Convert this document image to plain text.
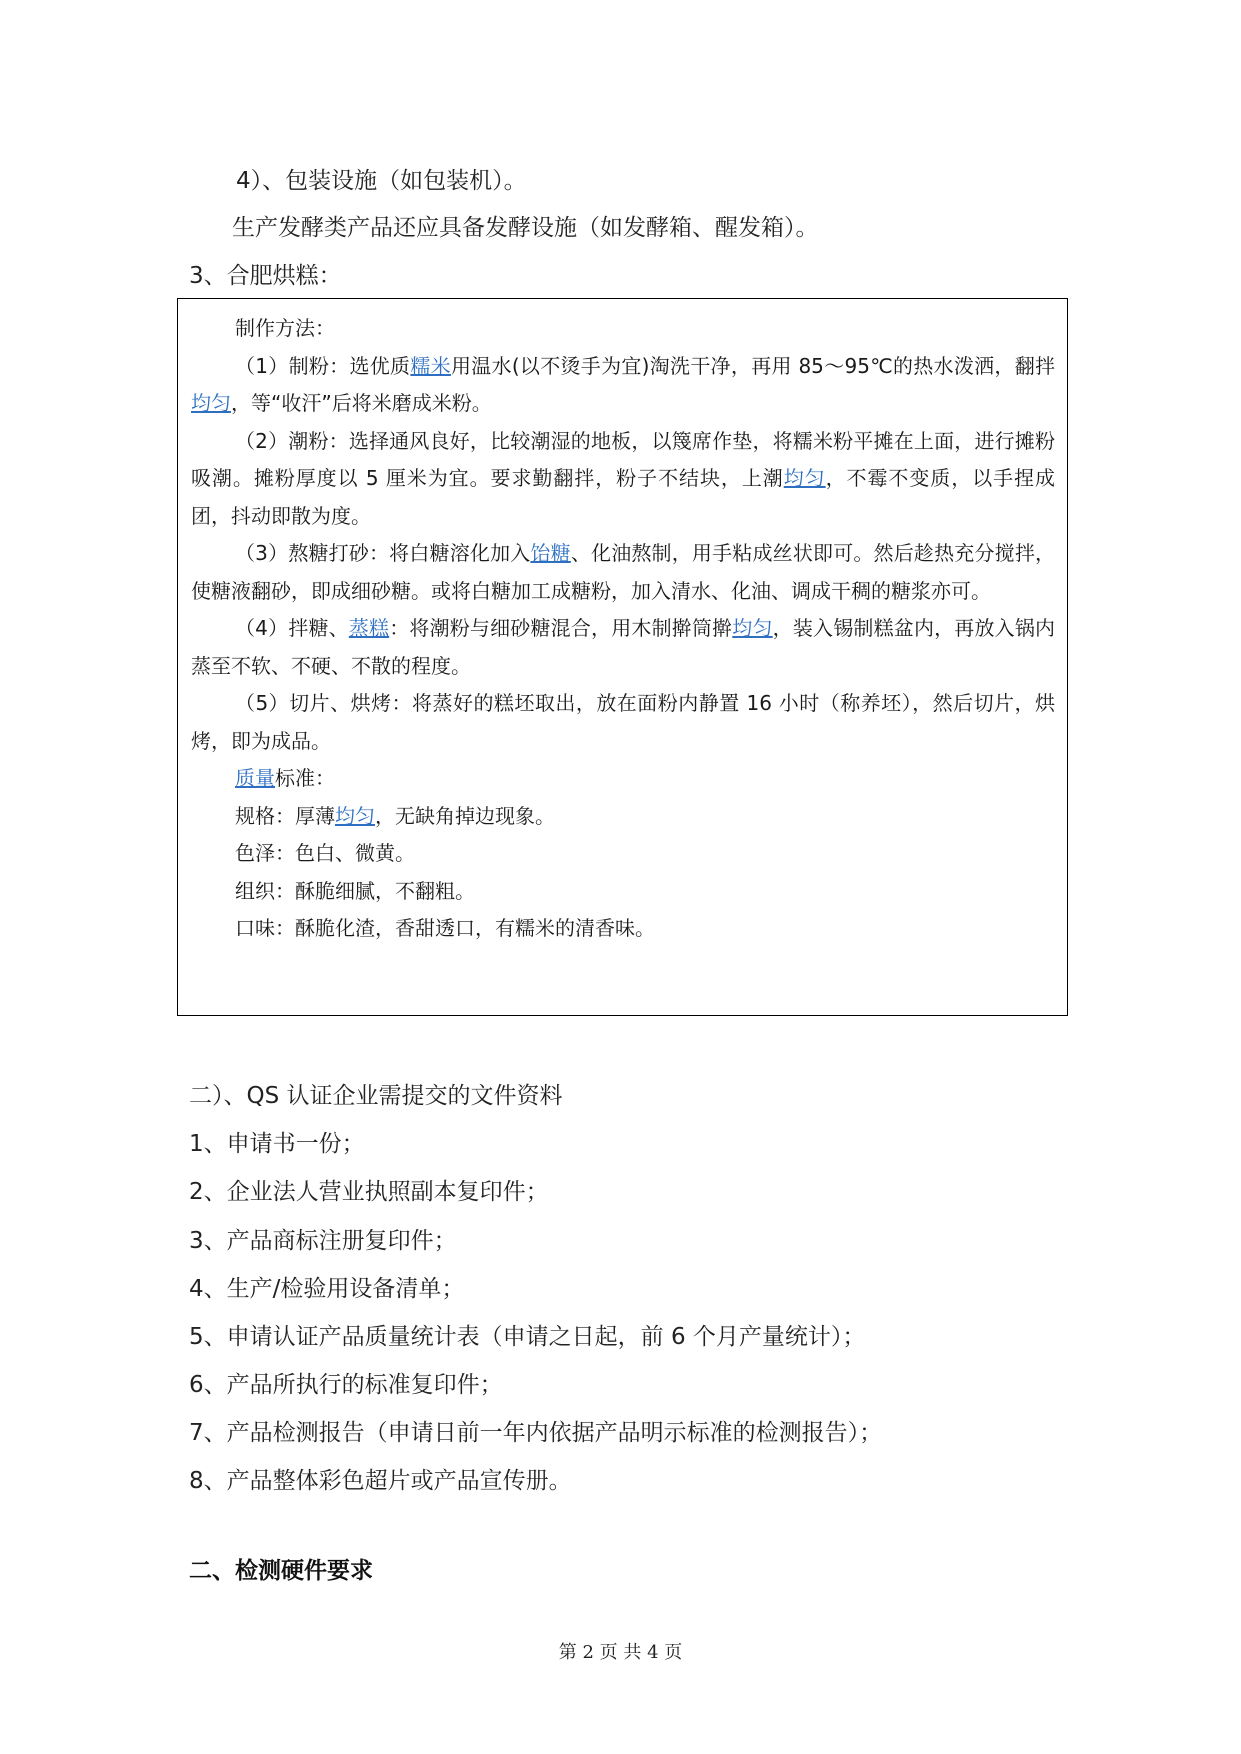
4）、包装设施（如包装机）。
生产发酵类产品还应具备发酵设施（如发酵箱、醒发箱）。
3、合肥烘糕：

制作方法：

（1）制粉：选优质糯米用温水(以不烫手为宜)淘洗干净，再用 85～95℃的热水泼洒，翻拌均匀，等“收汗”后将米磨成米粉。

（2）潮粉：选择通风良好，比较潮湿的地板，以篾席作垫，将糯米粉平摊在上面，进行摊粉吸潮。摊粉厚度以 5 厘米为宜。要求勤翻拌，粉子不结块，上潮均匀，不霉不变质，以手捏成团，抖动即散为度。

（3）熬糖打砂：将白糖溶化加入饴糖、化油熬制，用手粘成丝状即可。然后趁热充分搅拌，使糖液翻砂，即成细砂糖。或将白糖加工成糖粉，加入清水、化油、调成干稠的糖浆亦可。

（4）拌糖、蒸糕：将潮粉与细砂糖混合，用木制擀筒擀均匀，装入锡制糕盆内，再放入锅内蒸至不软、不硬、不散的程度。

（5）切片、烘烤：将蒸好的糕坯取出，放在面粉内静置 16 小时（称养坯），然后切片，烘烤，即为成品。

质量标准：

规格：厚薄均匀，无缺角掉边现象。

色泽：色白、微黄。

组织：酥脆细腻，不翻粗。

口味：酥脆化渣，香甜透口，有糯米的清香味。

二）、QS 认证企业需提交的文件资料
1、申请书一份；
2、企业法人营业执照副本复印件；
3、产品商标注册复印件；
4、生产/检验用设备清单；
5、申请认证产品质量统计表（申请之日起，前 6 个月产量统计）；
6、产品所执行的标准复印件；
7、产品检测报告（申请日前一年内依据产品明示标准的检测报告）；
8、产品整体彩色超片或产品宣传册。
二、检测硬件要求
第 2 页 共 4 页
